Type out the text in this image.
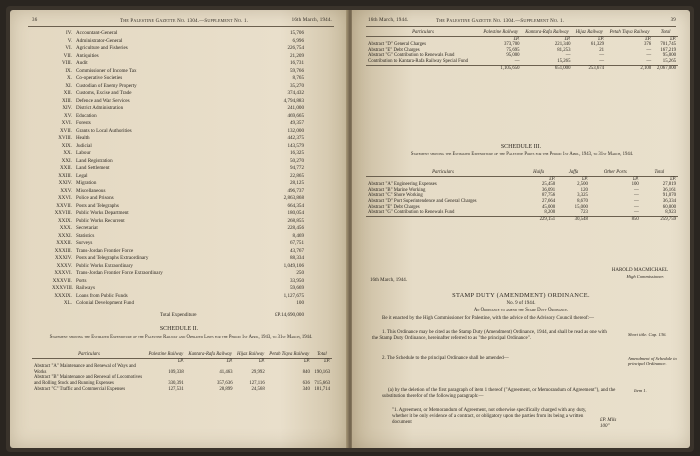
36	The Palestine Gazette No. 1304.—Supplement No. 1.	16th March, 1944.
IV. Accountant-General	15,706
V. Administrator-General	6,996
VI. Agriculture and Fisheries	226,754
VII. Antiquities	21,209
VIII. Audit	16,731
IX. Commissioner of Income Tax	59,766
X. Co-operative Societies	8,765
XI. Custodian of Enemy Property	35,270
XII. Customs, Excise and Trade	374,432
XIII. Defence and War Services	4,794,883
XIV. District Administration	241,000
XV. Education	469,665
XVI. Forests	49,357
XVII. Grants to Local Authorities	132,000
XVIII. Health	442,375
XIX. Judicial	143,579
XX. Labour	16,325
XXI. Land Registration	50,270
XXII. Land Settlement	94,772
XXIII. Legal	22,865
XXIV. Migration	28,125
XXV. Miscellaneous	496,737
XXVI. Police and Prisons	2,863,868
XXVII. Posts and Telegraphs	664,354
XXVIII. Public Works Department	180,054
XXIX. Public Works Recurrent	268,855
XXX. Secretariat	228,456
XXXI. Statistics	8,469
XXXII. Surveys	67,751
XXXIII. Trans-Jordan Frontier Force	43,767
XXXIV. Posts and Telegraphs Extraordinary	88,334
XXXV. Public Works Extraordinary	1,049,106
XXXVI. Trans-Jordan Frontier Force Extraordinary	250
XXXVII. Ports	33,950
XXXVIII. Railways	59,669
XXXIX. Loans from Public Funds	1,127,675
XL. Colonial Development Fund	100
Total Expenditure	£P.14,690,000
SCHEDULE II.
Statement showing the Estimated Expenditure of the Palestine Railway and Operated Lines for the Period 1st April, 1943, to 31st March, 1944.
Particulars	Palestine Railway	Kantara-Rafa Railway	Hijaz Railway	Petah Tiqva Railway	Total
	£P.	£P.	£P.	£P.	£P.
Abstract "A" Maintenance and Renewal of Ways and Works	109,338	41,463	29,992	840	190,163
Abstract "B" Maintenance and Renewal of Locomotives and Rolling Stock and Running Expenses	330,391	357,636	127,116	636	715,663
Abstract "C" Traffic and Commercial Expenses	127,531	28,899	24,568	340	181,714
16th March, 1944.	The Palestine Gazette No. 1304.—Supplement No. 1.	39
Particulars	Palestine Railway	Kantara-Rafa Railway	Hijaz Railway	Petah Tiqva Railway	Total
	£P.	£P.	£P.	£P.	£P.
Abstract "D" General Charges	373,700	221,340	61,329	376	701,745
Abstract "E" Debt Charges	75,695	81,253	21	—	167,219
Abstract "G" Contribution to Renewals Fund	95,000	—	—	—	95,000
Contribution to Kantara-Rafa Railway Special Fund	—	15,265	—	—	15,265
	1,105,650	651,000	253,674	2,100	2,067,000
SCHEDULE III.
Statement showing the Estimated Expenditure of the Palestine Ports for the Period 1st April, 1943, to 31st March, 1944.
Particulars	Haifa	Jaffa	Other Ports	Total
	£P.	£P.	£P.	£P.
Abstract "A" Engineering Expenses	25,450	2,500	100	27,819
Abstract "B" Marine Working	36,091	120	—	36,161
Abstract "C" Shore Working	87,756	3,325	—	91,070
Abstract "D" Port Superintendence and General Charges	27,664	8,670	—	36,334
Abstract "E" Debt Charges	45,000	15,000	—	60,000
Abstract "G" Contribution to Renewals Fund	8,200	723	—	8,923
	229,151	30,548	850	259,759
16th March, 1944.
HAROLD MACMICHAEL
High Commissioner.
STAMP DUTY (AMENDMENT) ORDINANCE.
No. 9 of 1944.
An Ordinance to amend the Stamp Duty Ordinance.
Be it enacted by the High Commissioner for Palestine, with the advice of the Advisory Council thereof:—
1. This Ordinance may be cited as the Stamp Duty (Amendment) Ordinance, 1944, and shall be read as one with the Stamp Duty Ordinance, hereinafter referred to as "the principal Ordinance".
2. The Schedule to the principal Ordinance shall be amended—
(a) by the deletion of the first paragraph of item 1 thereof ("Agreement, or Memorandum of Agreement"), and the substitution therefor of the following paragraph:—
"1. Agreement, or Memorandum of Agreement, not otherwise specifically charged with any duty, whether it be only evidence of a contract, or obligatory upon the parties from its being a written document	£P. Mils 100"
Short title. Cap. 136.
Amendment of Schedule to principal Ordinance.
Item 1.
